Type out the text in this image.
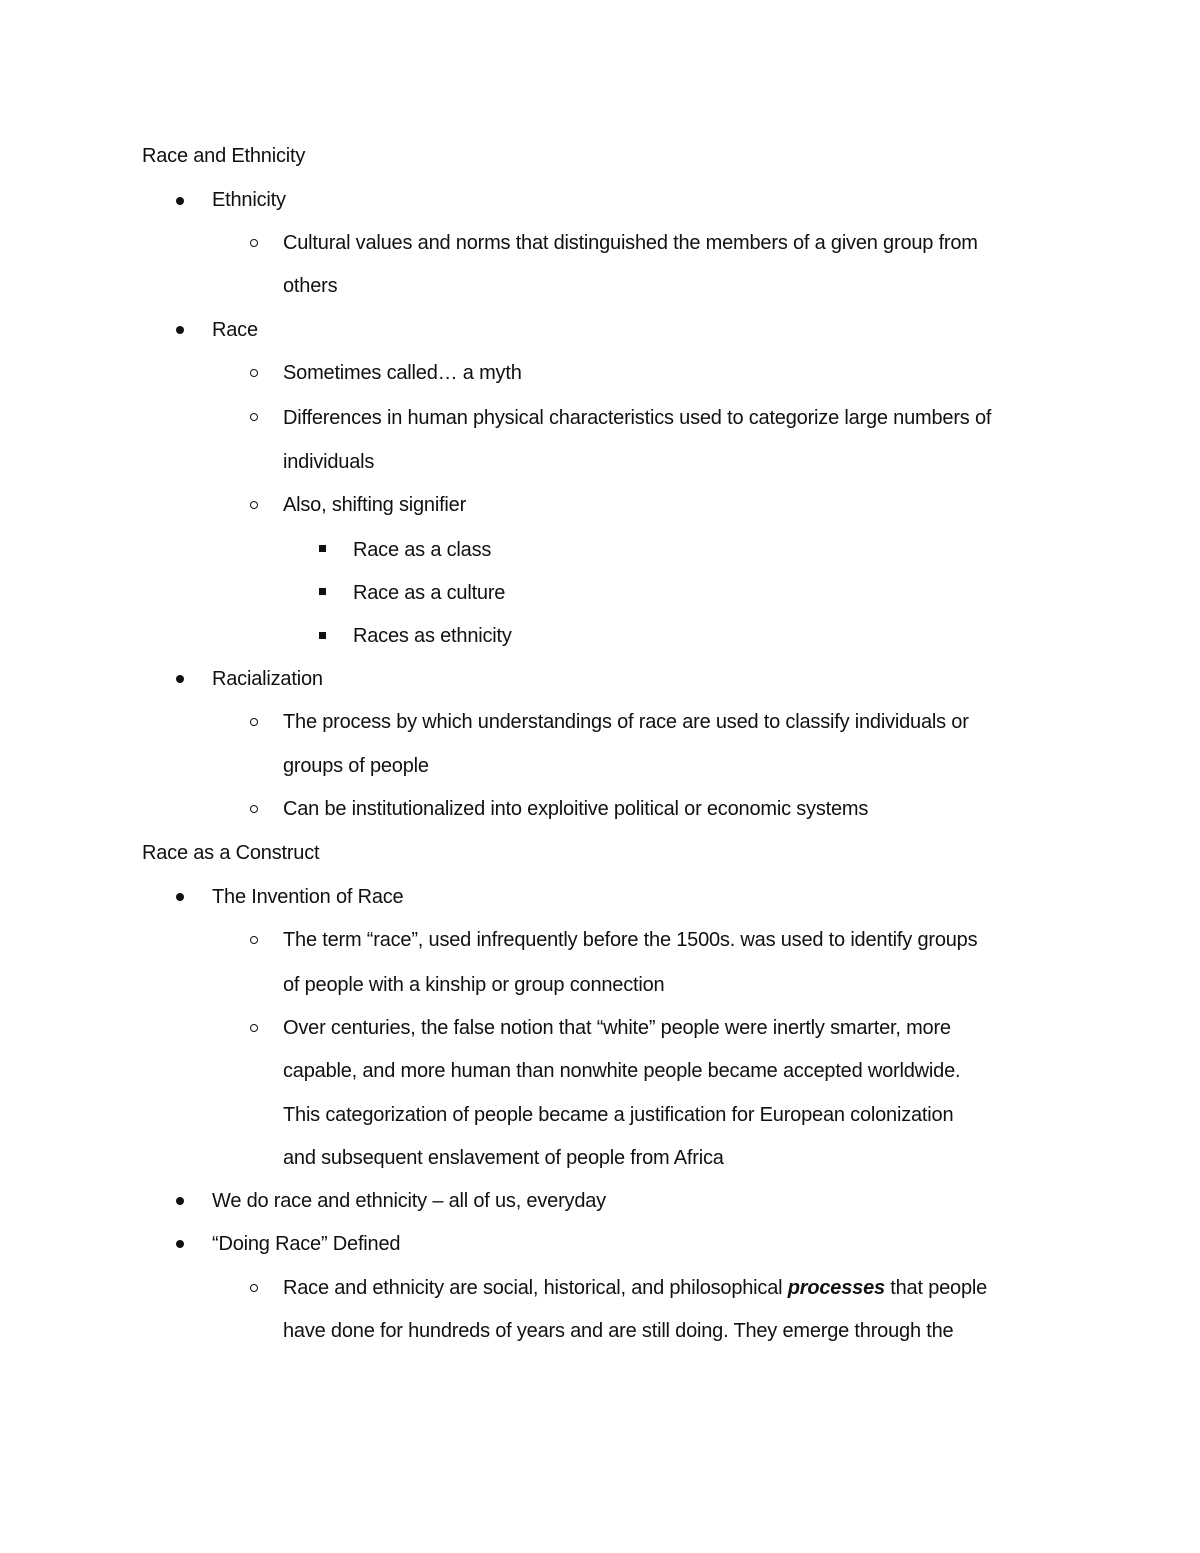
Race and Ethnicity
Ethnicity
Cultural values and norms that distinguished the members of a given group from
others
Race
Sometimes called… a myth
Differences in human physical characteristics used to categorize large numbers of
individuals
Also, shifting signifier
Race as a class
Race as a culture
Races as ethnicity
Racialization
The process by which understandings of race are used to classify individuals or
groups of people
Can be institutionalized into exploitive political or economic systems
Race as a Construct
The Invention of Race
The term “race”, used infrequently before the 1500s. was used to identify groups
of people with a kinship or group connection
Over centuries, the false notion that “white” people were inertly smarter, more
capable, and more human than nonwhite people became accepted worldwide.
This categorization of people became a justification for European colonization
and subsequent enslavement of people from Africa
We do race and ethnicity – all of us, everyday
“Doing Race” Defined
Race and ethnicity are social, historical, and philosophical processes that people
have done for hundreds of years and are still doing. They emerge through the
